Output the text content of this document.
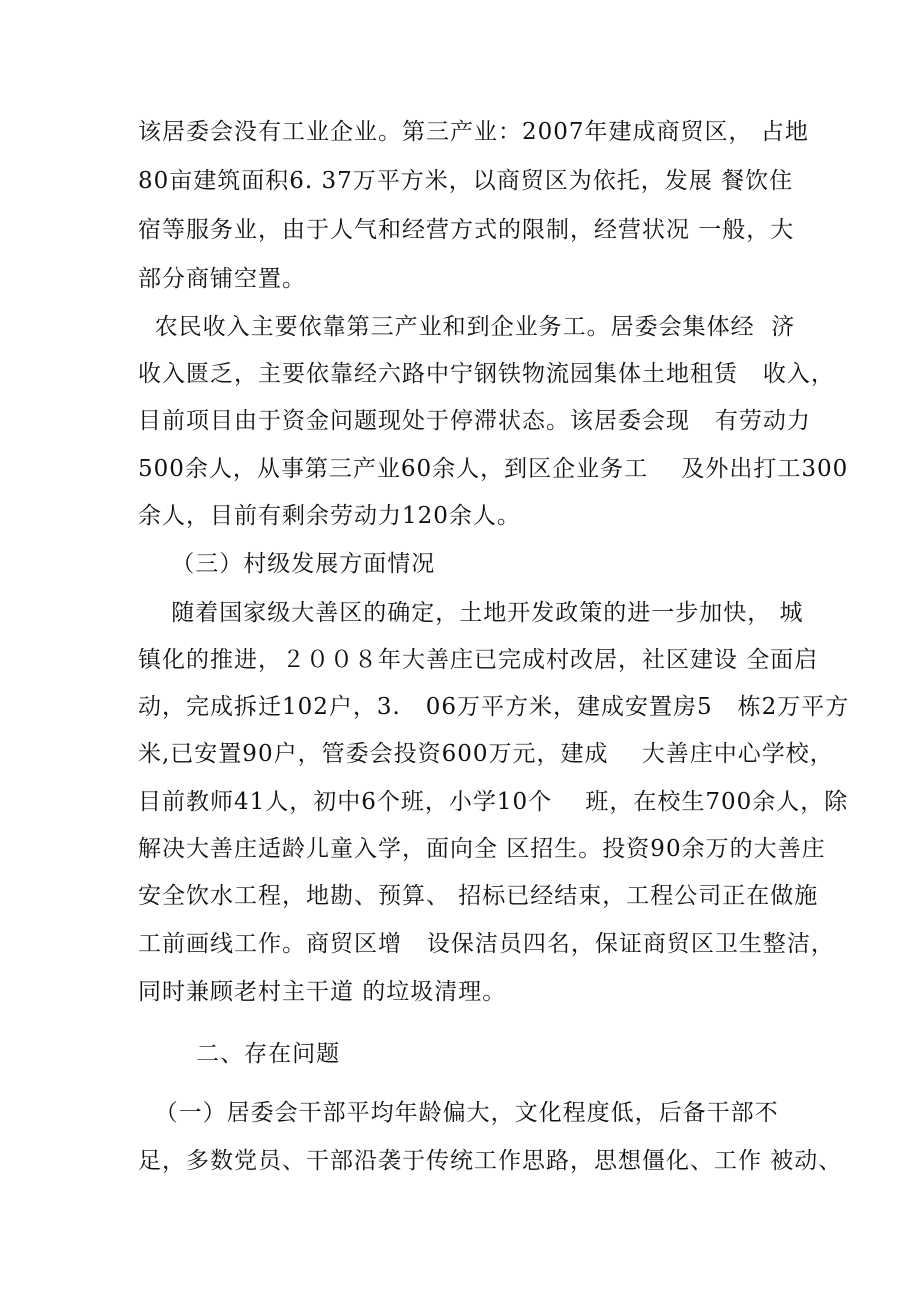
该居委会没有工业企业。第三产业：2007年建成商贸区， 占地
80亩建筑面积6. 37万平方米，以商贸区为依托，发展 餐饮住
宿等服务业，由于人气和经营方式的限制，经营状况 一般，大
部分商铺空置。
农民收入主要依靠第三产业和到企业务工。居委会集体经  济
收入匮乏，主要依靠经六路中宁钢铁物流园集体土地租赁   收入，
目前项目由于资金问题现处于停滞状态。该居委会现   有劳动力
500余人，从事第三产业60余人，到区企业务工    及外出打工300
余人，目前有剩余劳动力120余人。
（三）村级发展方面情况
随着国家级大善区的确定，土地开发政策的进一步加快， 城
镇化的推进，２００８年大善庄已完成村改居，社区建设 全面启
动，完成拆迁102户，3.   06万平方米，建成安置房5   栋2万平方
米,已安置90户，管委会投资600万元，建成    大善庄中心学校，
目前教师41人，初中6个班，小学10个    班，在校生700余人，除
解决大善庄适龄儿童入学，面向全 区招生。投资90余万的大善庄
安全饮水工程，地勘、预算、 招标已经结束，工程公司正在做施
工前画线工作。商贸区增   设保洁员四名，保证商贸区卫生整洁，
同时兼顾老村主干道 的垃圾清理。
二、存在问题
（一）居委会干部平均年龄偏大，文化程度低，后备干部不
足，多数党员、干部沿袭于传统工作思路，思想僵化、工作 被动、
